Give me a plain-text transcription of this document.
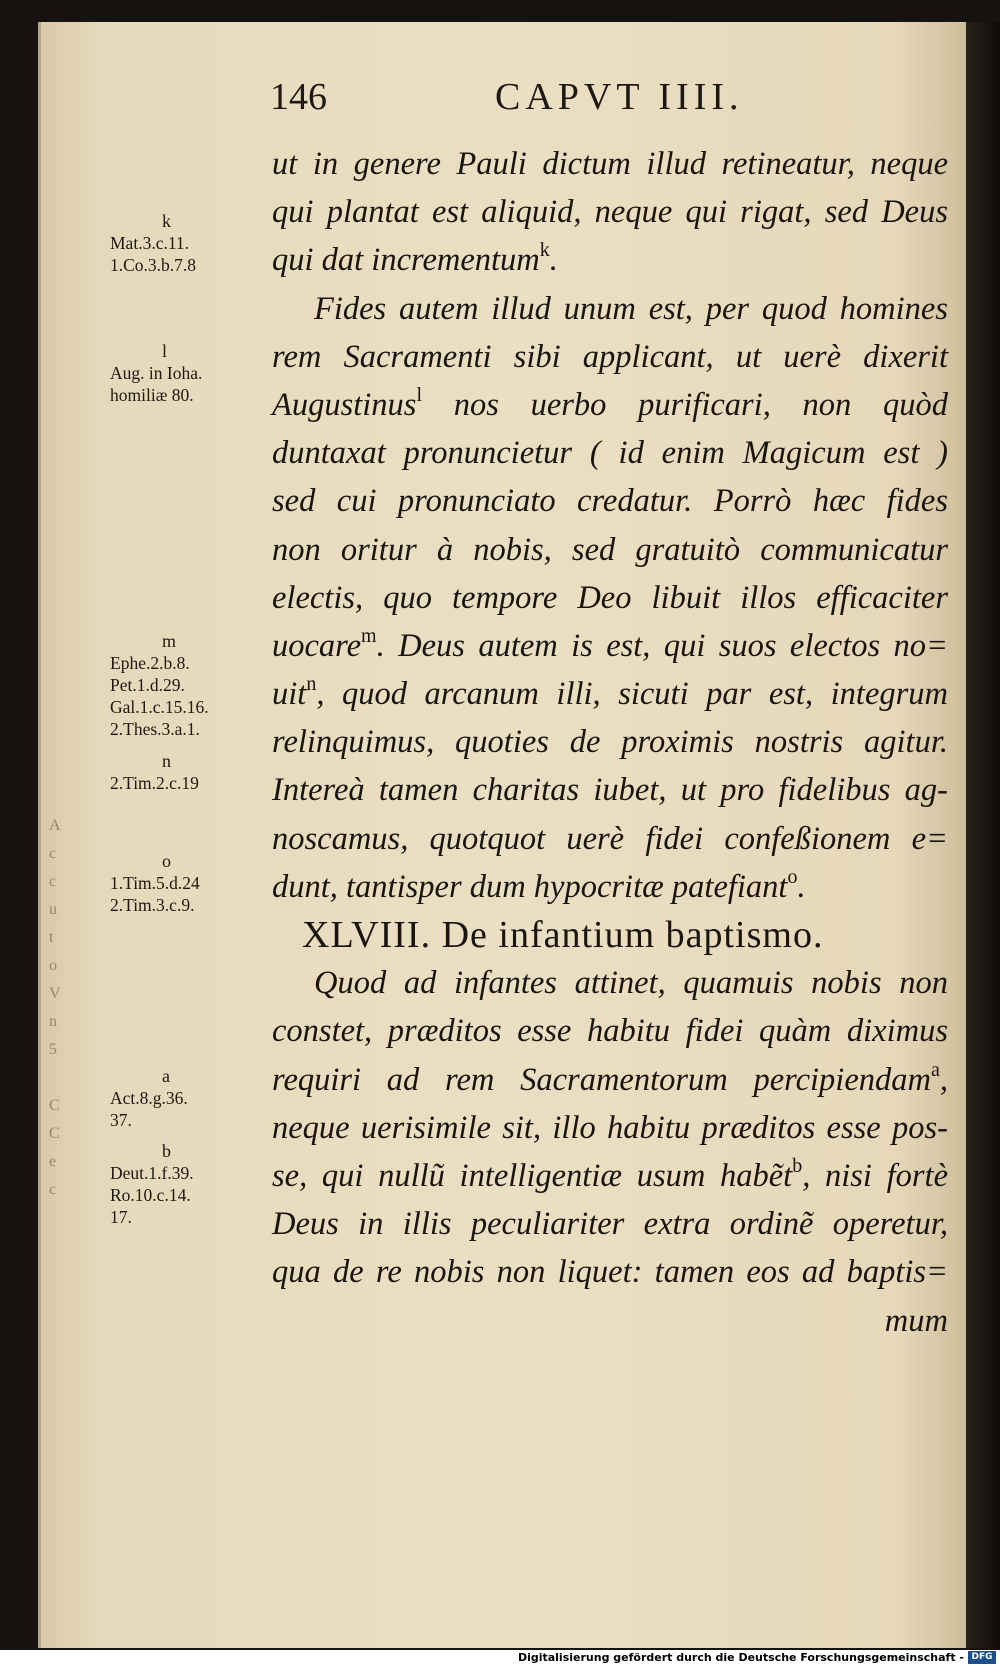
A
c
c
u
t
o
V
n
5

C
C
e
c
146	CAPVT IIII.
k
Mat.3.c.11.
1.Co.3.b.7.8
l
Aug. in Ioha.
homiliæ 80.
m
Ephe.2.b.8.
Pet.1.d.29.
Gal.1.c.15.16.
2.Thes.3.a.1.
n
2.Tim.2.c.19
o
1.Tim.5.d.24
2.Tim.3.c.9.
a
Act.8.g.36.
37.
b
Deut.1.f.39.
Ro.10.c.14.
17.
ut in genere Pauli dictum illud retineatur, neque
qui plantat est aliquid, neque qui rigat, sed Deus
qui dat incrementum$^k$.
Fides autem illud unum est, per quod homines
rem Sacramenti sibi applicant, ut uerè dixerit
Augustinus$^l$ nos uerbo purificari, non quòd
duntaxat pronuncietur ( id enim Magicum est )
sed cui pronunciato credatur. Porrò hæc fides
non oritur à nobis, sed gratuitò communicatur
electis, quo tempore Deo libuit illos efficaciter
uocare$^m$. Deus autem is est, qui suos electos no=
uit$^n$, quod arcanum illi, sicuti par est, integrum
relinquimus, quoties de proximis nostris agitur.
Intereà tamen charitas iubet, ut pro fidelibus ag-
noscamus, quotquot uerè fidei confeßionem e=
dunt, tantisper dum hypocritæ patefiant$^o$.
XLVIII. De infantium baptismo.
Quod ad infantes attinet, quamuis nobis non
constet, præditos esse habitu fidei quàm diximus
requiri ad rem Sacramentorum percipiendam$^a$,
neque uerisimile sit, illo habitu præditos esse pos-
se, qui nullũ intelligentiæ usum habẽt$^b$, nisi fortè
Deus in illis peculiariter extra ordinẽ operetur,
qua de re nobis non liquet: tamen eos ad baptis=
mum
Digitalisierung gefördert durch die Deutsche Forschungsgemeinschaft - DFG
